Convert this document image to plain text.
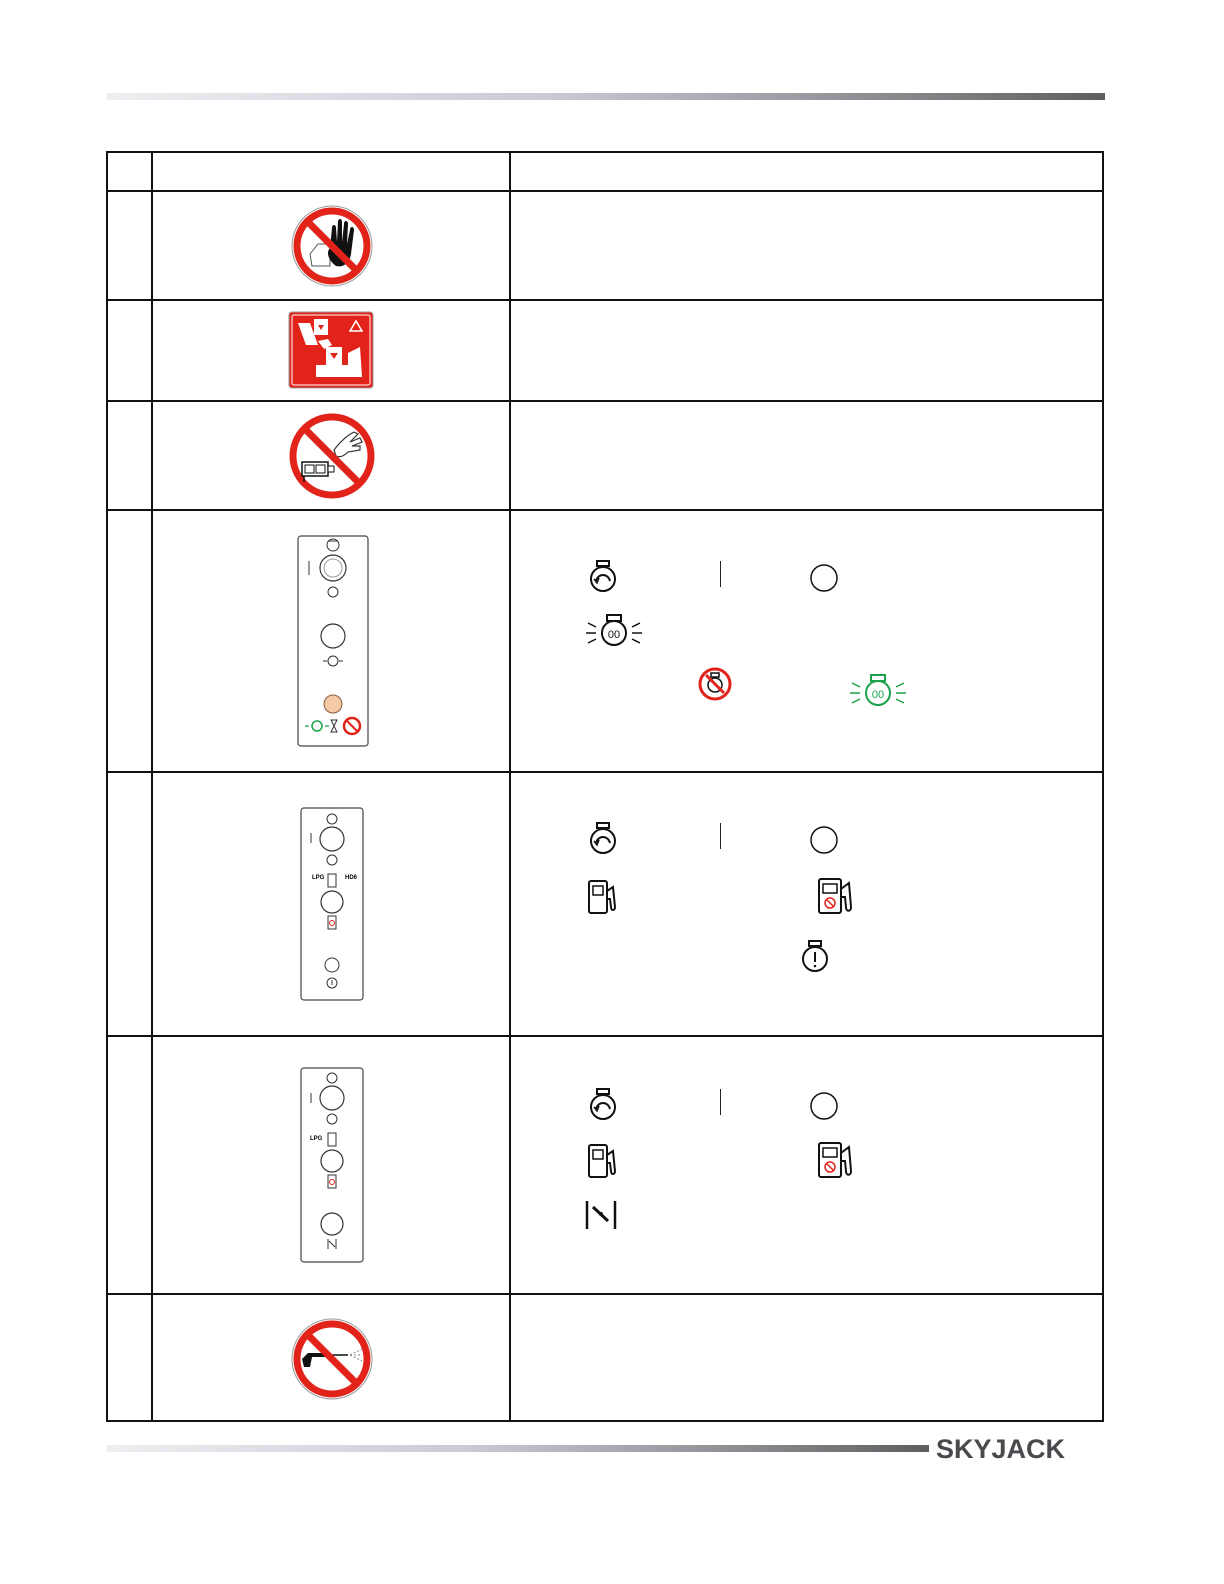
00
00
LPG	HD6
LPG
SKYJACK
